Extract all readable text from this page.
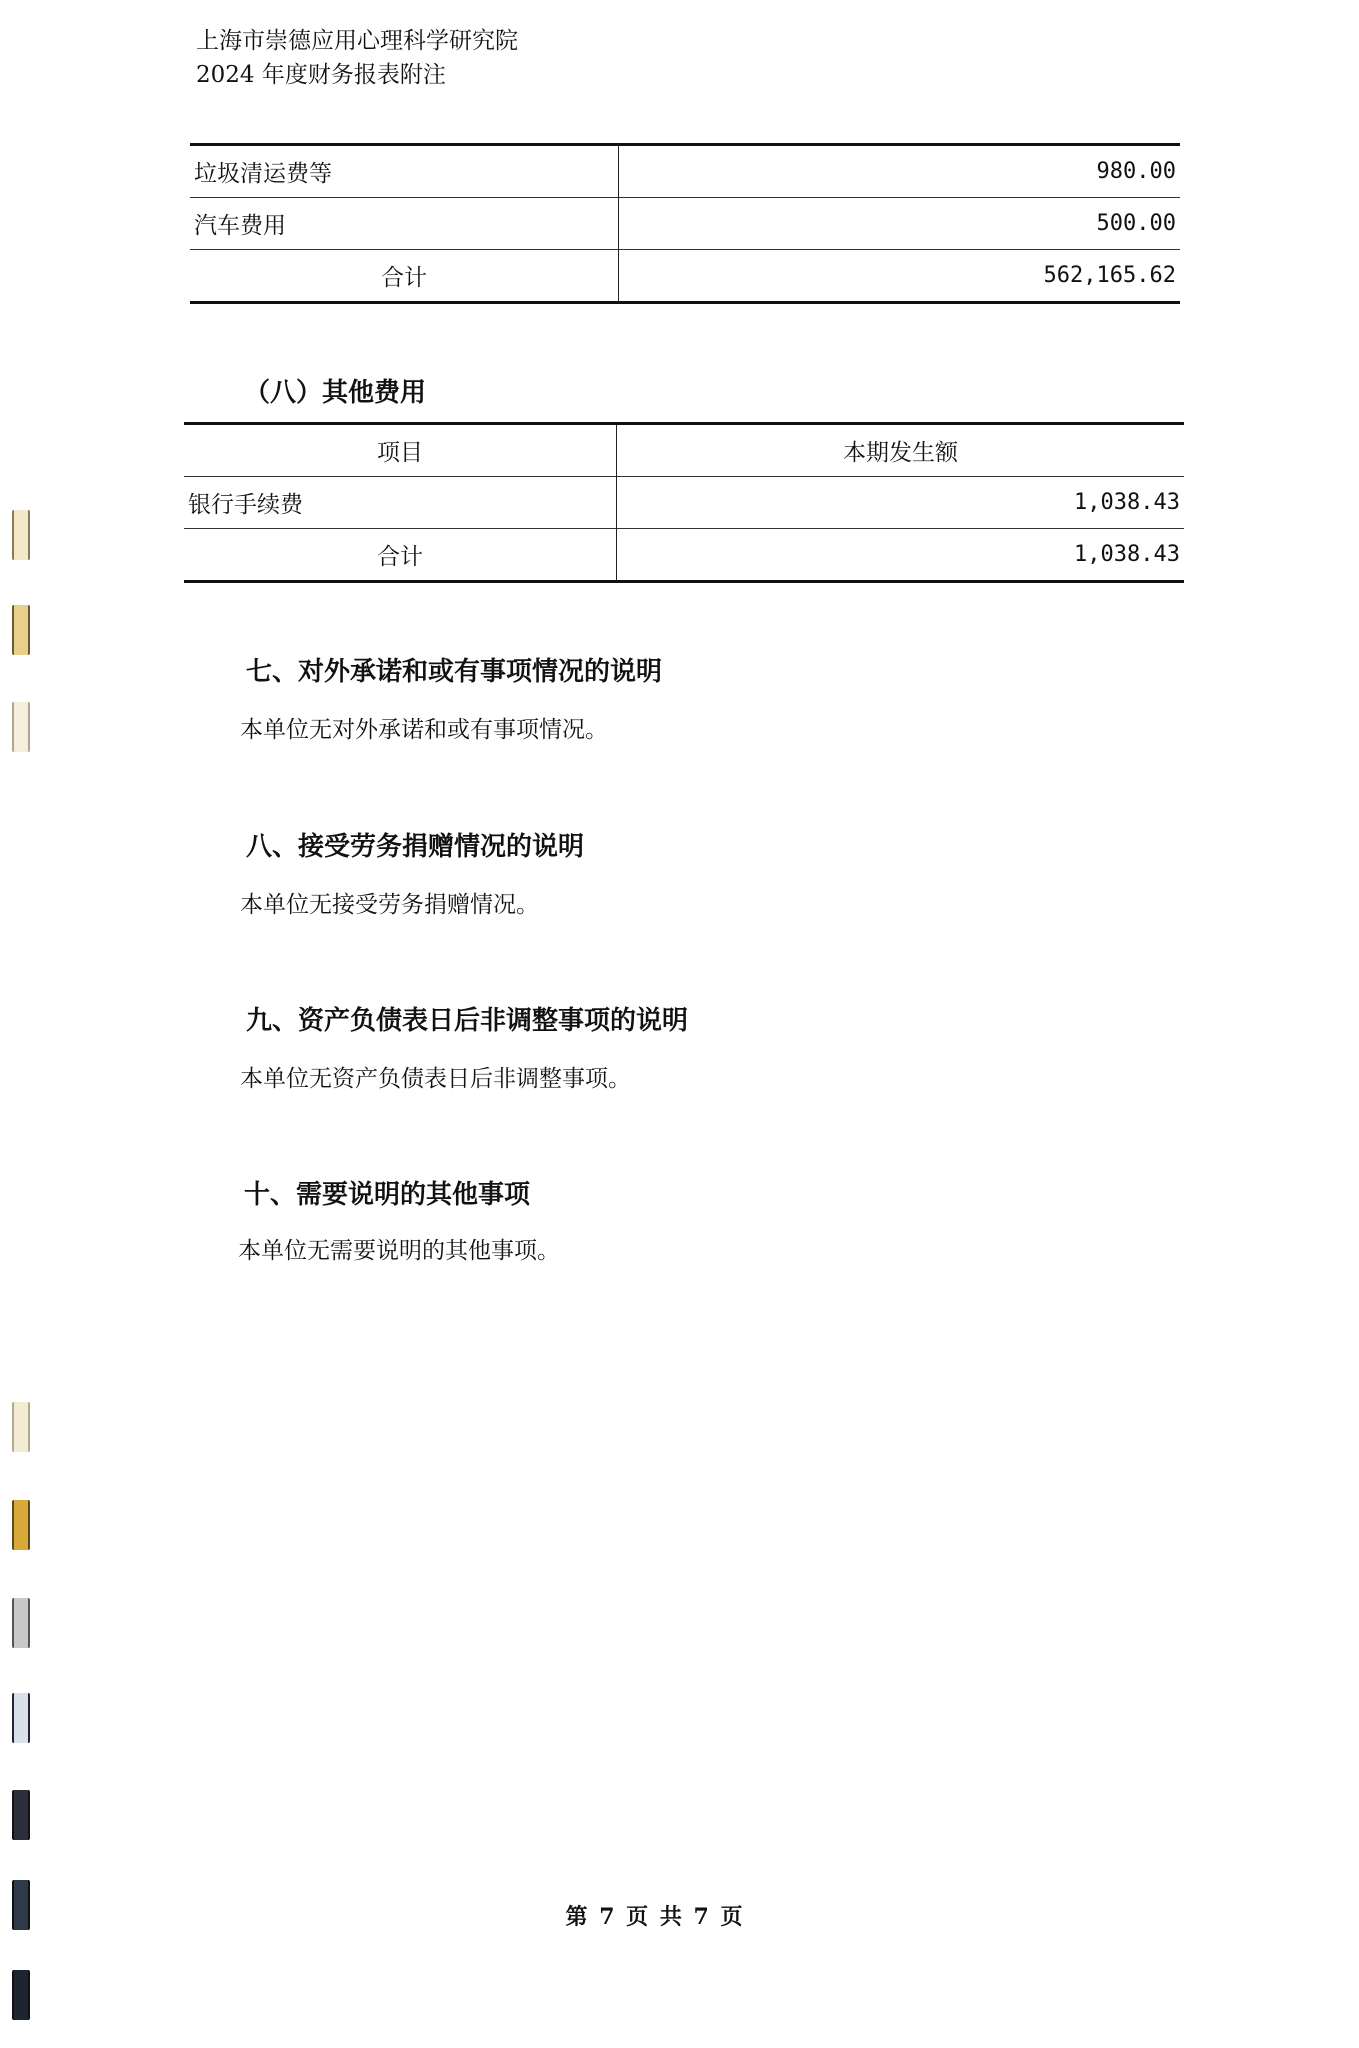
上海市崇德应用心理科学研究院
2024 年度财务报表附注
垃圾清运费等	980.00
汽车费用	500.00
合计	562,165.62
（八）其他费用
项目	本期发生额
银行手续费	1,038.43
合计	1,038.43
七、对外承诺和或有事项情况的说明
本单位无对外承诺和或有事项情况。
八、接受劳务捐赠情况的说明
本单位无接受劳务捐赠情况。
九、资产负债表日后非调整事项的说明
本单位无资产负债表日后非调整事项。
十、需要说明的其他事项
本单位无需要说明的其他事项。
第 7 页 共 7 页
